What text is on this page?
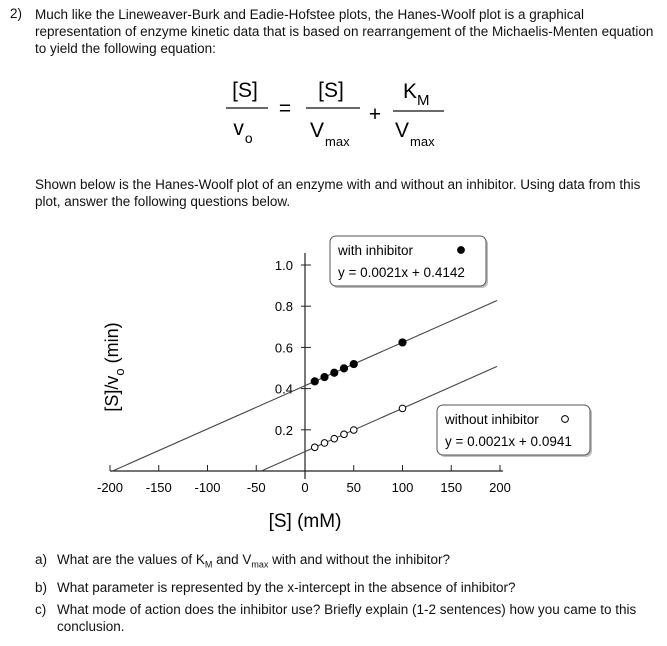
2) Much like the Lineweaver-Burk and Eadie-Hofstee plots, the Hanes-Woolf plot is a graphical representation of enzyme kinetic data that is based on rearrangement of the Michaelis-Menten equation to yield the following equation:
[S]
$v_o$
=
[S]
$V_{max}$
+
$K_M$
$V_{max}$
Shown below is the Hanes-Woolf plot of an enzyme with and without an inhibitor. Using data from this plot, answer the following questions below.
-200 -150 -100 -50	0	50 100 150 200
0.2
0.4
0.6
0.8
1.0
[S] (mM)
$[S]/v_o$ (min)
with inhibitor
y = 0.0021x + 0.4142
without inhibitor
y = 0.0021x + 0.0941
a) What are the values of $K_M$ and $V_{max}$ with and without the inhibitor?
b) What parameter is represented by the x-intercept in the absence of inhibitor?
c) What mode of action does the inhibitor use? Briefly explain (1-2 sentences) how you came to this conclusion.
